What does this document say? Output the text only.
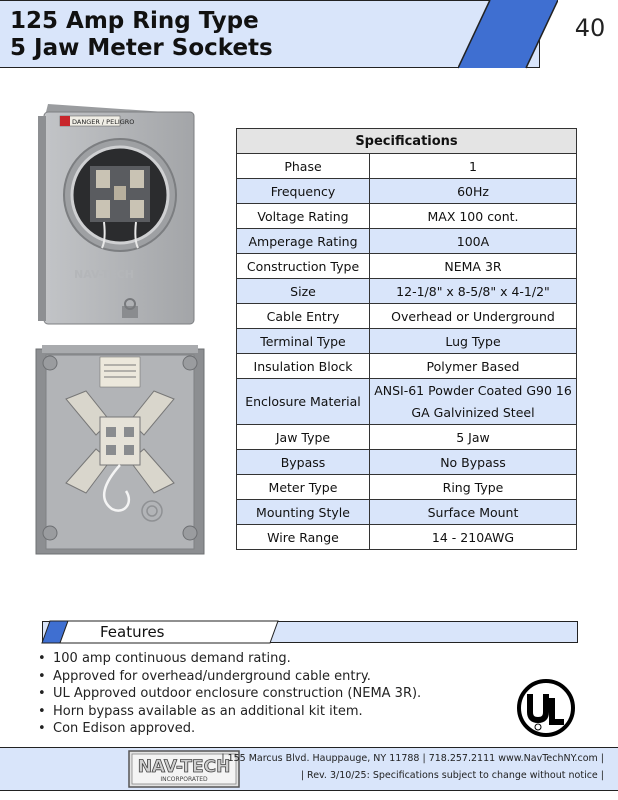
125 Amp Ring Type
5 Jaw Meter Sockets
40
DANGER / PELIGRO
NAV-TECH
Specifications	
Phase	1
Frequency	60Hz
Voltage Rating	MAX 100 cont.
Amperage Rating	100A
Construction Type	NEMA 3R
Size	12-1/8" x 8-5/8" x 4-1/2"
Cable Entry	Overhead or Underground
Terminal Type	Lug Type
Insulation Block	Polymer Based
Enclosure Material	ANSI-61 Powder Coated G90 16
GA Galvinized Steel

Jaw Type	5 Jaw
Bypass	No Bypass
Meter Type	Ring Type
Mounting Style	Surface Mount
Wire Range	14 - 210AWG
Features
• 100 amp continuous demand rating.
• Approved for overhead/underground cable entry.
• UL Approved outdoor enclosure construction (NEMA 3R).
• Horn bypass available as an additional kit item.
• Con Edison approved.
NAV-TECH
INCORPORATED
| 155 Marcus Blvd. Hauppauge, NY 11788 | 718.257.2111 www.NavTechNY.com |
| Rev. 3/10/25: Specifications subject to change without notice |
